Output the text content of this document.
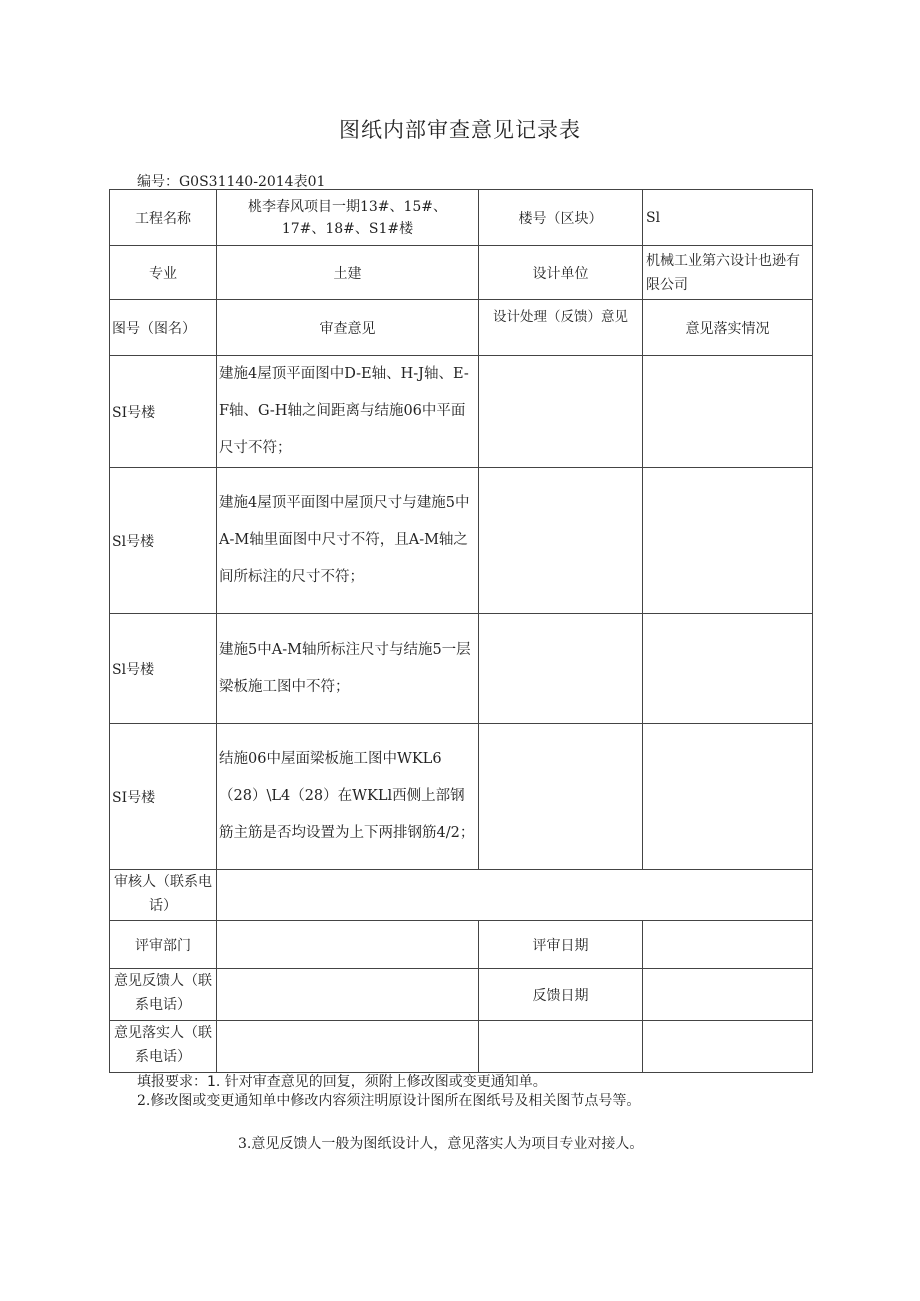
图纸内部审查意见记录表
编号：G0S31140-2014表01
工程名称	桃李春风项目一期13#、15#、17#、18#、S1#楼	楼号（区块）	Sl
专业	土建	设计单位	机械工业第六设计也逊有限公司
图号（图名）	审查意见	设计处理（反馈）意见	意见落实情况
SI号楼	建施4屋顶平面图中D-E轴、H-J轴、E-F轴、G-H轴之间距离与结施06中平面尺寸不符；		
Sl号楼	建施4屋顶平面图中屋顶尺寸与建施5中A-M轴里面图中尺寸不符，且A-M轴之间所标注的尺寸不符；		
Sl号楼	建施5中A-M轴所标注尺寸与结施5一层梁板施工图中不符；		
SI号楼	结施06中屋面梁板施工图中WKL6（28）\L4（28）在WKLl西侧上部钢筋主筋是否均设置为上下两排钢筋4/2；		
审核人（联系电话）			
评审部门		评审日期	
意见反馈人（联系电话）		反馈日期	
意见落实人（联系电话）			
填报要求：1. 针对审查意见的回复，须附上修改图或变更通知单。
2.修改图或变更通知单中修改内容须注明原设计图所在图纸号及相关图节点号等。
3.意见反馈人一般为图纸设计人，意见落实人为项目专业对接人。
